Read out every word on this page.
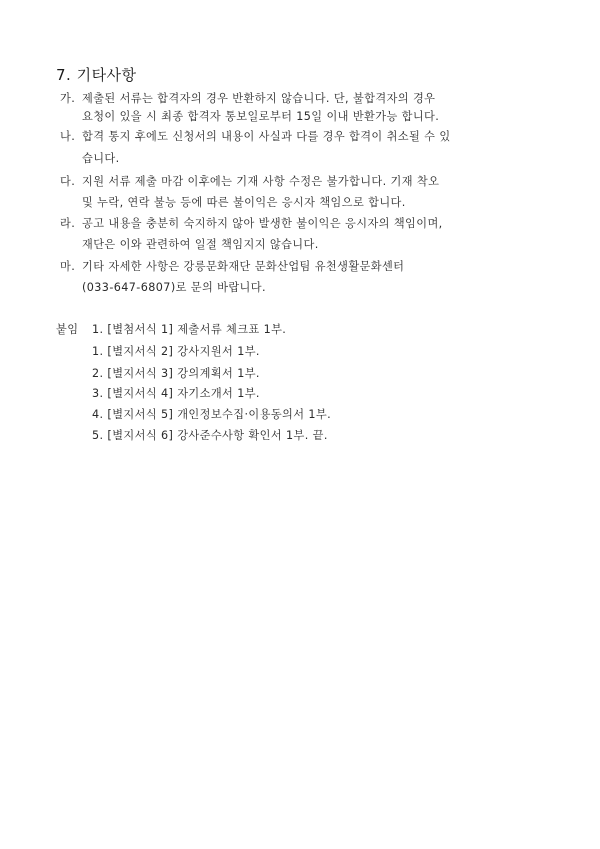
7. 기타사항
가. 제출된 서류는 합격자의 경우 반환하지 않습니다. 단, 불합격자의 경우
요청이 있을 시 최종 합격자 통보일로부터 15일 이내 반환가능 합니다.
나. 합격 통지 후에도 신청서의 내용이 사실과 다를 경우 합격이 취소될 수 있
습니다.
다. 지원 서류 제출 마감 이후에는 기재 사항 수정은 불가합니다. 기재 착오
및 누락, 연락 불능 등에 따른 불이익은 응시자 책임으로 합니다.
라. 공고 내용을 충분히 숙지하지 않아 발생한 불이익은 응시자의 책임이며,
재단은 이와 관련하여 일절 책임지지 않습니다.
마. 기타 자세한 사항은 강릉문화재단 문화산업팀 유천생활문화센터
(033-647-6807)로 문의 바랍니다.
붙임 1. [별첨서식 1] 제출서류 체크표 1부.
1. [별지서식 2] 강사지원서 1부.
2. [별지서식 3] 강의계획서 1부.
3. [별지서식 4] 자기소개서 1부.
4. [별지서식 5] 개인정보수집·이용동의서 1부.
5. [별지서식 6] 강사준수사항 확인서 1부. 끝.
